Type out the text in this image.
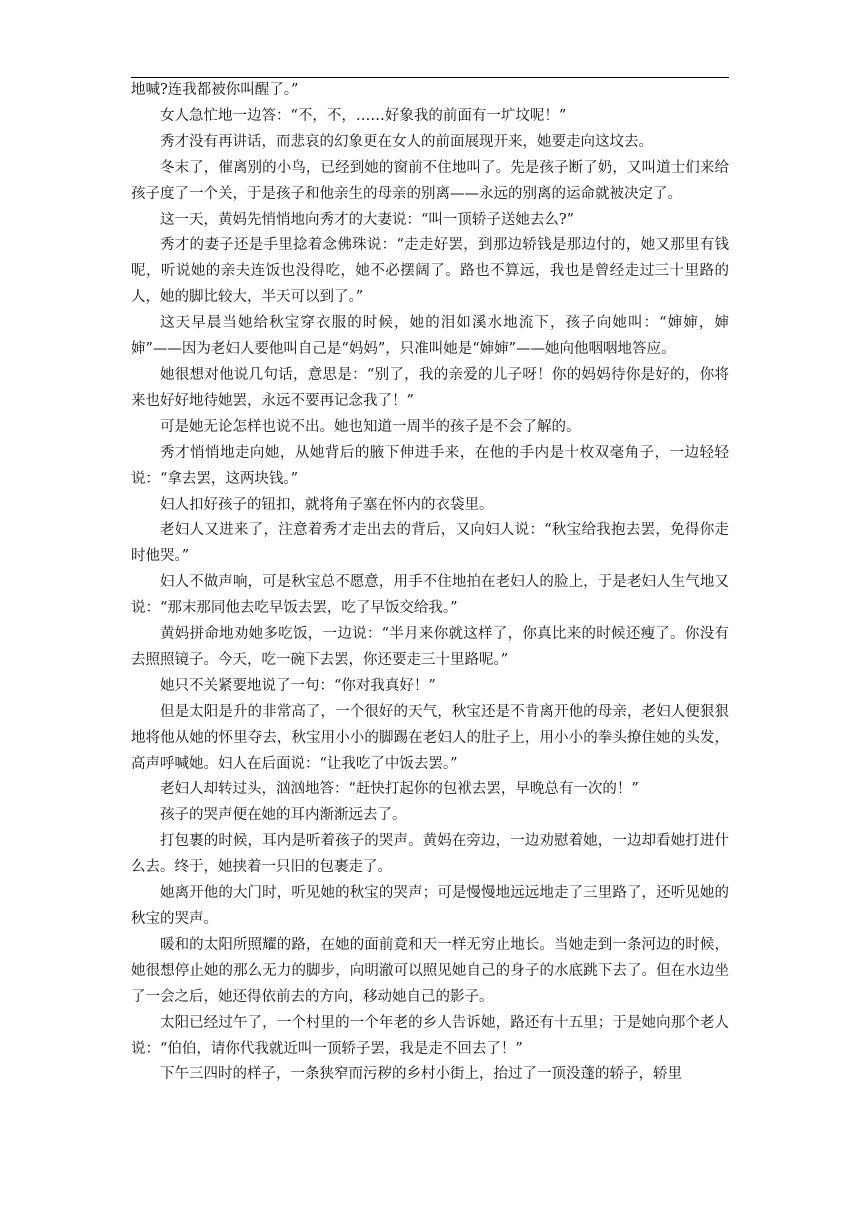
地喊?连我都被你叫醒了。”

女人急忙地一边答：“不，不，……好象我的前面有一圹坟呢！”

秀才没有再讲话，而悲哀的幻象更在女人的前面展现开来，她要走向这坟去。

冬末了，催离别的小鸟，已经到她的窗前不住地叫了。先是孩子断了奶，又叫道士们来给孩子度了一个关，于是孩子和他亲生的母亲的别离——永远的别离的运命就被决定了。

这一天，黄妈先悄悄地向秀才的大妻说：“叫一顶轿子送她去么?”

秀才的妻子还是手里捻着念佛珠说：“走走好罢，到那边轿钱是那边付的，她又那里有钱呢，听说她的亲夫连饭也没得吃，她不必摆阔了。路也不算远，我也是曾经走过三十里路的人，她的脚比较大，半天可以到了。”

这天早晨当她给秋宝穿衣服的时候，她的泪如溪水地流下，孩子向她叫：“婶婶，婶婶”——因为老妇人要他叫自己是“妈妈”，只准叫她是“婶婶”——她向他咽咽地答应。

她很想对他说几句话，意思是：“别了，我的亲爱的儿子呀！你的妈妈待你是好的，你将来也好好地待她罢，永远不要再记念我了！”

可是她无论怎样也说不出。她也知道一周半的孩子是不会了解的。

秀才悄悄地走向她，从她背后的腋下伸进手来，在他的手内是十枚双毫角子，一边轻轻说：“拿去罢，这两块钱。”

妇人扣好孩子的钮扣，就将角子塞在怀内的衣袋里。

老妇人又进来了，注意着秀才走出去的背后，又向妇人说：“秋宝给我抱去罢，免得你走时他哭。”

妇人不做声响，可是秋宝总不愿意，用手不住地拍在老妇人的脸上，于是老妇人生气地又说：“那末那同他去吃早饭去罢，吃了早饭交给我。”

黄妈拼命地劝她多吃饭，一边说：“半月来你就这样了，你真比来的时候还瘦了。你没有去照照镜子。今天，吃一碗下去罢，你还要走三十里路呢。”

她只不关紧要地说了一句：“你对我真好！”

但是太阳是升的非常高了，一个很好的天气，秋宝还是不肯离开他的母亲，老妇人便狠狠地将他从她的怀里夺去，秋宝用小小的脚踢在老妇人的肚子上，用小小的拳头撩住她的头发，高声呼喊她。妇人在后面说：“让我吃了中饭去罢。”

老妇人却转过头，汹汹地答：“赶快打起你的包袱去罢，早晚总有一次的！”

孩子的哭声便在她的耳内渐渐远去了。

打包裹的时候，耳内是听着孩子的哭声。黄妈在旁边，一边劝慰着她，一边却看她打进什么去。终于，她挟着一只旧的包裹走了。

她离开他的大门时，听见她的秋宝的哭声；可是慢慢地远远地走了三里路了，还听见她的秋宝的哭声。

暖和的太阳所照耀的路，在她的面前竟和天一样无穷止地长。当她走到一条河边的时候，她很想停止她的那么无力的脚步，向明澈可以照见她自己的身子的水底跳下去了。但在水边坐了一会之后，她还得依前去的方向，移动她自己的影子。

太阳已经过午了，一个村里的一个年老的乡人告诉她，路还有十五里；于是她向那个老人说：“伯伯，请你代我就近叫一顶轿子罢，我是走不回去了！”

下午三四时的样子，一条狭窄而污秽的乡村小街上，抬过了一顶没蓬的轿子，轿里
